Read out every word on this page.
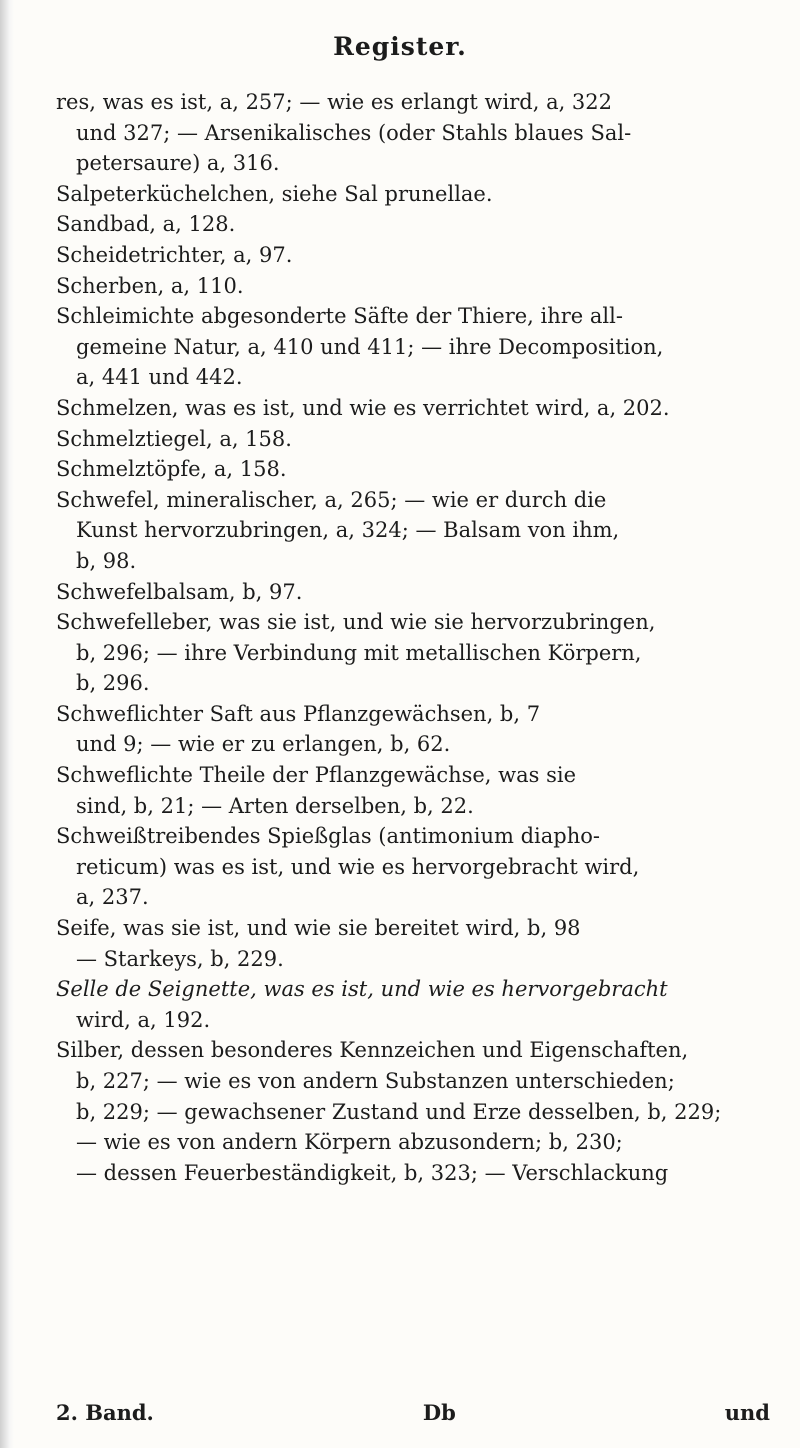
Register.
res, was es ist, a, 257; — wie es erlangt wird, a, 322
und 327; — Arsenikalisches (oder Stahls blaues Sal-
petersaure) a, 316.
Salpeterküchelchen, siehe Sal prunellae.
Sandbad, a, 128.
Scheidetrichter, a, 97.
Scherben, a, 110.
Schleimichte abgesonderte Säfte der Thiere, ihre all-
gemeine Natur, a, 410 und 411; — ihre Decomposition,
a, 441 und 442.
Schmelzen, was es ist, und wie es verrichtet wird, a, 202.
Schmelztiegel, a, 158.
Schmelztöpfe, a, 158.
Schwefel, mineralischer, a, 265; — wie er durch die
Kunst hervorzubringen, a, 324; — Balsam von ihm,
b, 98.
Schwefelbalsam, b, 97.
Schwefelleber, was sie ist, und wie sie hervorzubringen,
b, 296; — ihre Verbindung mit metallischen Körpern,
b, 296.
Schweflichter Saft aus Pflanzgewächsen, b, 7
und 9; — wie er zu erlangen, b, 62.
Schweflichte Theile der Pflanzgewächse, was sie
sind, b, 21; — Arten derselben, b, 22.
Schweißtreibendes Spießglas (antimonium diapho-
reticum) was es ist, und wie es hervorgebracht wird,
a, 237.
Seife, was sie ist, und wie sie bereitet wird, b, 98
— Starkeys, b, 229.
Selle de Seignette, was es ist, und wie es hervorgebracht
wird, a, 192.
Silber, dessen besonderes Kennzeichen und Eigenschaften,
b, 227; — wie es von andern Substanzen unterschieden;
b, 229; — gewachsener Zustand und Erze desselben, b, 229;
— wie es von andern Körpern abzusondern; b, 230;
— dessen Feuerbeständigkeit, b, 323; — Verschlackung
2. Band.	Db	und
